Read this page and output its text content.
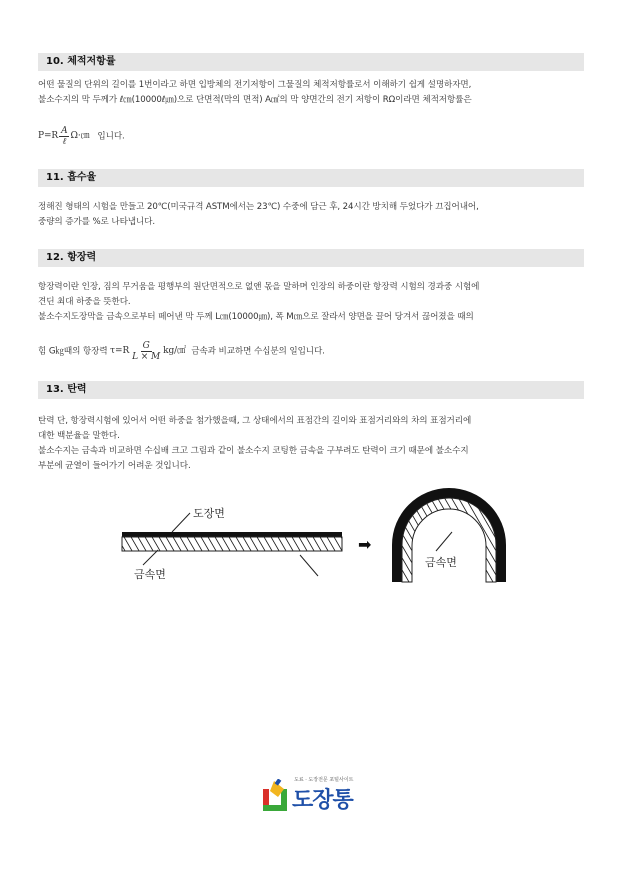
10. 체적저항률
어떤 물질의 단위의 길이를 1번이라고 하면 입방체의 전기저항이 그물질의 체적저항률로서 이해하기 쉽게 설명하자면,
불소수지의 막 두께가 ℓ㎝(10000ℓ㎛)으로 단면적(막의 면적) A㎠의 막 양면간의 전기 저항이 RΩ이라면 체적저항률은
$P=R \frac{A}{\text{ℓ}}$ Ω·㎝ 입니다.
11. 흡수율
정해진 형태의 시험을 만들고 20℃(미국규격 ASTM에서는 23℃) 수중에 담근 후, 24시간 방치해 두었다가 끄집어내어,
중량의 증가를 %로 나타냅니다.
12. 항장력
항장력이란 인장, 짐의 무거움을 평행부의 원단면적으로 없앤 몫을 말하며 인장의 하중이란 항장력 시험의 경과중 시험에
견딘 최대 하중을 뜻한다.
불소수지도장막을 금속으로부터 떼어낸 막 두께 L㎝(10000㎛), 폭 M㎝으로 잘라서 양면을 끌어 당겨서 끊어졌을 때의
힘 G㎏때의 항장력 $\tau=R \frac{G}{L \times M}$ kg/㎠ 금속과 비교하면 수십분의 일입니다.
13. 탄력
탄력 단, 항장력시험에 있어서 어떤 하중을 첨가했을때, 그 상태에서의 표점간의 길이와 표점거리와의 차의 표점거리에
대한 백분율을 말한다.
불소수지는 금속과 비교하면 수십배 크고 그림과 같이 불소수지 코팅한 금속을 구부려도 탄력이 크기 때문에 불소수지
부분에 균열이 들어가기 어려운 것입니다.
도장면
금속면
➡
금속면
도료 · 도장전문 포털사이트
도장통
